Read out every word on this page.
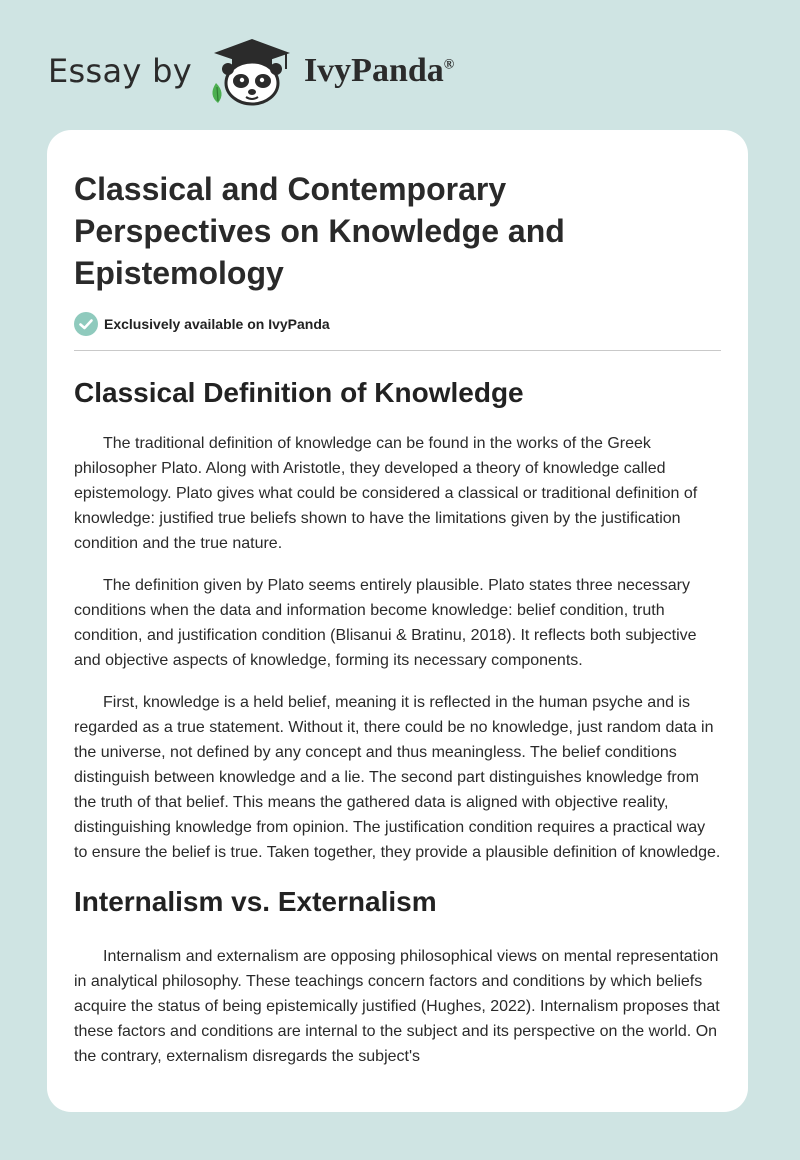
Essay by	IvyPanda®
Classical and Contemporary Perspectives on Knowledge and Epistemology
Exclusively available on IvyPanda
Classical Definition of Knowledge

The traditional definition of knowledge can be found in the works of the Greek philosopher Plato. Along with Aristotle, they developed a theory of knowledge called epistemology. Plato gives what could be considered a classical or traditional definition of knowledge: justified true beliefs shown to have the limitations given by the justification condition and the true nature.

The definition given by Plato seems entirely plausible. Plato states three necessary conditions when the data and information become knowledge: belief condition, truth condition, and justification condition (Blisanui & Bratinu, 2018). It reflects both subjective and objective aspects of knowledge, forming its necessary components.

First, knowledge is a held belief, meaning it is reflected in the human psyche and is regarded as a true statement. Without it, there could be no knowledge, just random data in the universe, not defined by any concept and thus meaningless. The belief conditions distinguish between knowledge and a lie. The second part distinguishes knowledge from the truth of that belief. This means the gathered data is aligned with objective reality, distinguishing knowledge from opinion. The justification condition requires a practical way to ensure the belief is true. Taken together, they provide a plausible definition of knowledge.

Internalism vs. Externalism

Internalism and externalism are opposing philosophical views on mental representation in analytical philosophy. These teachings concern factors and conditions by which beliefs acquire the status of being epistemically justified (Hughes, 2022). Internalism proposes that these factors and conditions are internal to the subject and its perspective on the world. On the contrary, externalism disregards the subject's
